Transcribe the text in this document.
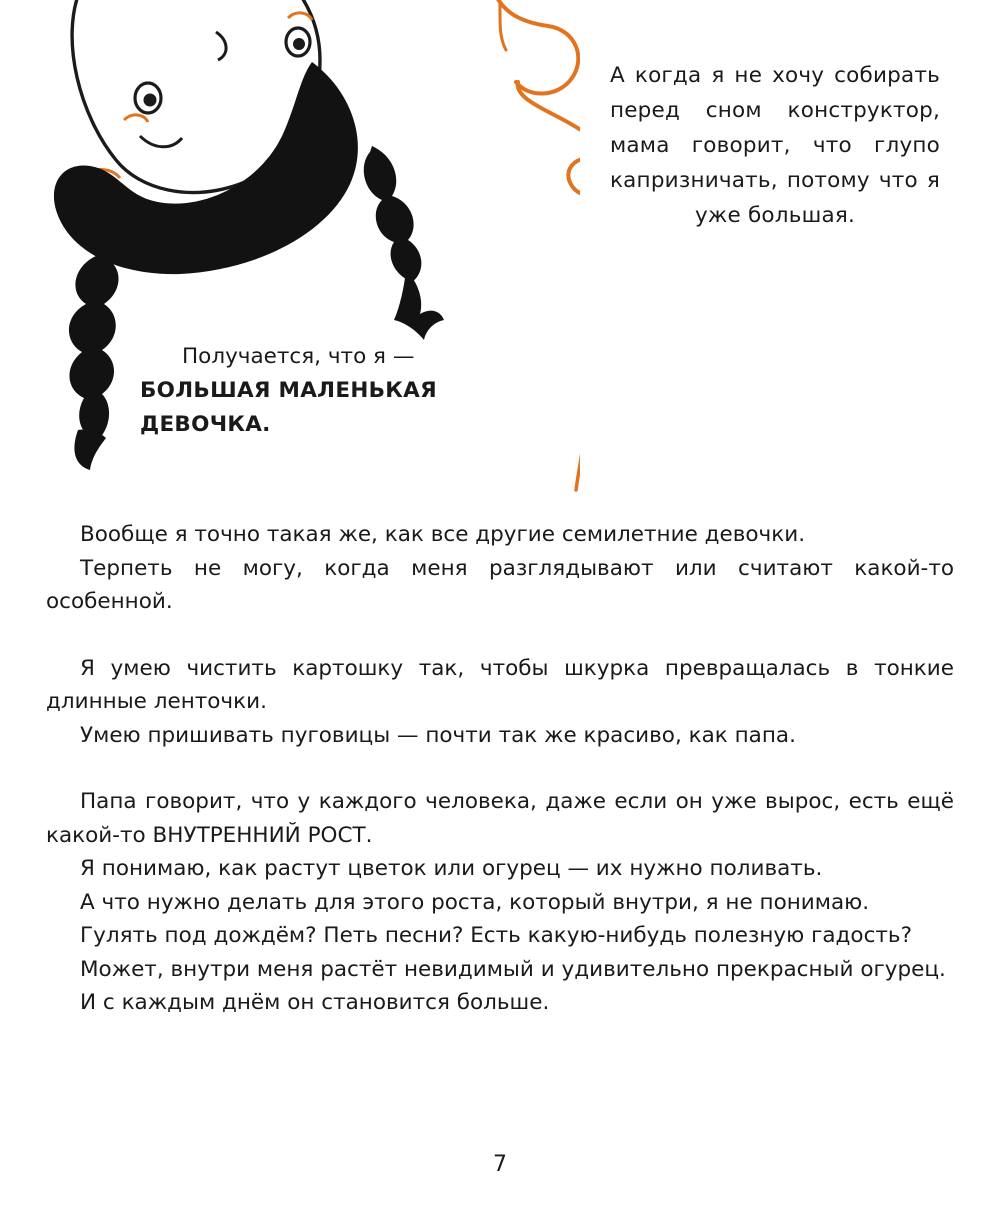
А когда я не хочу собирать перед сном конструктор, мама говорит, что глупо капризничать, потому что я уже большая.
Получается, что я —
БОЛЬШАЯ МАЛЕНЬКАЯ
ДЕВОЧКА.

Вообще я точно такая же, как все другие семилетние девочки.

Терпеть не могу, когда меня разглядывают или считают какой-то особенной.

Я умею чистить картошку так, чтобы шкурка превращалась в тонкие длинные ленточки.

Умею пришивать пуговицы — почти так же красиво, как папа.

Папа говорит, что у каждого человека, даже если он уже вырос, есть ещё какой-то ВНУТРЕННИЙ РОСТ.

Я понимаю, как растут цветок или огурец — их нужно поливать.

А что нужно делать для этого роста, который внутри, я не понимаю.

Гулять под дождём? Петь песни? Есть какую-нибудь полезную гадость?

Может, внутри меня растёт невидимый и удивительно прекрасный огурец.

И с каждым днём он становится больше.

7
